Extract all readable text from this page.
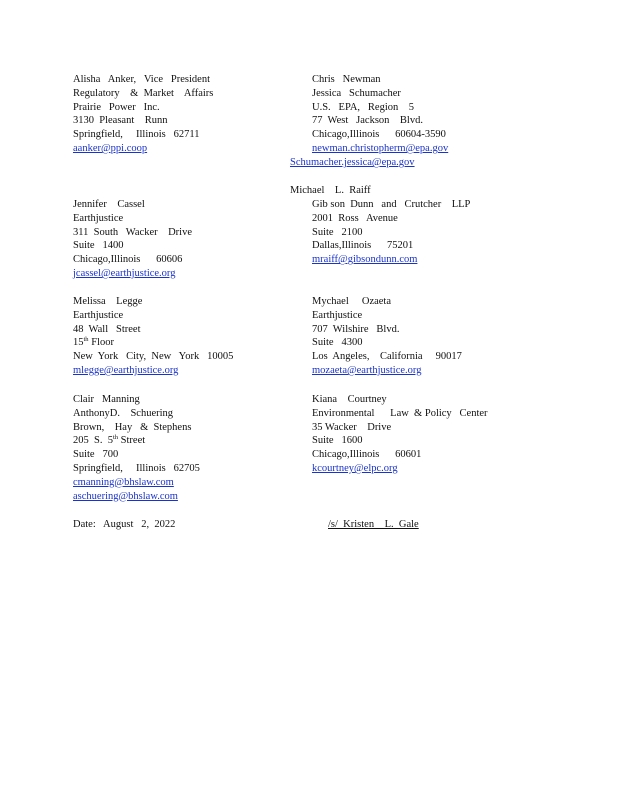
Alisha   Anker,   Vice   President
Regulatory    &  Market    Affairs
Prairie   Power   Inc.
3130  Pleasant    Runn
Springfield,     Illinois   62711
aanker@ppi.coop
Chris   Newman
Jessica   Schumacher
U.S.   EPA,   Region    5
77  West   Jackson    Blvd.
Chicago,Illinois      60604-3590
newman.christopherm@epa.gov
Schumacher.jessica@epa.gov
Jennifer    Cassel
Earthjustice
311  South   Wacker    Drive
Suite   1400
Chicago,Illinois      60606
jcassel@earthjustice.org
Michael    L.  Raiff
Gib son  Dunn   and   Crutcher    LLP
2001  Ross   Avenue
Suite   2100
Dallas,Illinois      75201
mraiff@gibsondunn.com
Melissa    Legge
Earthjustice
48  Wall   Street
15th Floor
New  York   City,  New   York   10005
mlegge@earthjustice.org
Mychael     Ozaeta
Earthjustice
707  Wilshire   Blvd.
Suite   4300
Los  Angeles,    California     90017
mozaeta@earthjustice.org
Clair   Manning
AnthonyD.    Schuering
Brown,    Hay   &  Stephens
205  S.  5th Street
Suite   700
Springfield,     Illinois   62705
cmanning@bhslaw.com
aschuering@bhslaw.com
Kiana    Courtney
Environmental      Law  & Policy   Center
35 Wacker    Drive
Suite   1600
Chicago,Illinois      60601
kcourtney@elpc.org
Date:   August   2,  2022	/s/  Kristen    L.  Gale
